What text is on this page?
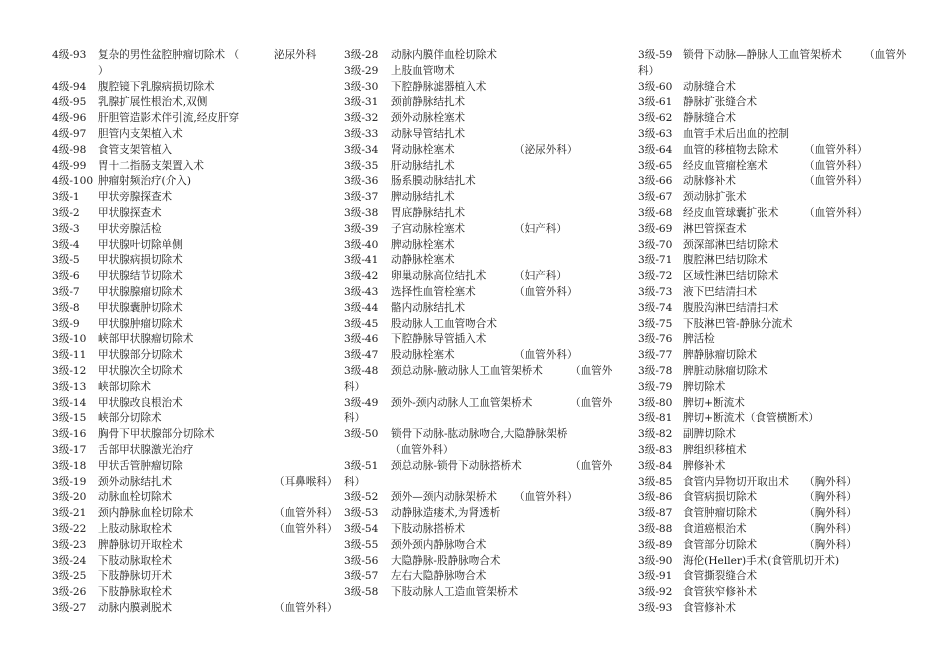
4级-93 复杂的男性盆腔肿瘤切除术 （	泌尿外科
）
4级-94 腹腔镜下乳腺病损切除术
4级-95 乳腺扩展性根治术,双侧
4级-96 肝胆管造影术伴引流,经皮肝穿
4级-97 胆管内支架植入术
4级-98 食管支架管植入
4级-99 胃十二指肠支架置入术
4级-100 肿瘤射频治疗(介入)
3级-1 甲状旁腺探查术
3级-2 甲状腺探查术
3级-3 甲状旁腺活检
3级-4 甲状腺叶切除单侧
3级-5 甲状腺病损切除术
3级-6 甲状腺结节切除术
3级-7 甲状腺腺瘤切除术
3级-8 甲状腺囊肿切除术
3级-9 甲状腺肿瘤切除术
3级-10 峡部甲状腺瘤切除术
3级-11 甲状腺部分切除术
3级-12 甲状腺次全切除术
3级-13 峡部切除术
3级-14 甲状腺改良根治术
3级-15 峡部分切除术
3级-16 胸骨下甲状腺部分切除术
3级-17 舌部甲状腺激光治疗
3级-18 甲状舌管肿瘤切除
3级-19 颈外动脉结扎术	（耳鼻喉科）
3级-20 动脉血栓切除术
3级-21 颈内静脉血栓切除术	（血管外科）
3级-22 上肢动脉取栓术	（血管外科）
3级-23 脾静脉切开取栓术
3级-24 下肢动脉取栓术
3级-25 下肢静脉切开术
3级-26 下肢静脉取栓术
3级-27 动脉内膜剥脱术	（血管外科）
3级-28 动脉内膜伴血栓切除术
3级-29 上肢血管吻术
3级-30 下腔静脉滤器植入术
3级-31 颈前静脉结扎术
3级-32 颈外动脉栓塞术
3级-33 动脉导管结扎术
3级-34 肾动脉栓塞术	（泌尿外科）
3级-35 肝动脉结扎术
3级-36 肠系膜动脉结扎术
3级-37 脾动脉结扎术
3级-38 胃底静脉结扎术
3级-39 子宫动脉栓塞术	（妇产科）
3级-40 脾动脉栓塞术
3级-41 动静脉栓塞术
3级-42 卵巢动脉高位结扎术	（妇产科）
3级-43 选择性血管栓塞术	（血管外科）
3级-44 骼内动脉结扎术
3级-45 股动脉人工血管吻合术
3级-46 下腔静脉导管插入术
3级-47 股动脉栓塞术	（血管外科）
3级-48 颈总动脉-腋动脉人工血管架桥术	（血管外
科）
3级-49 颈外-颈内动脉人工血管架桥术	（血管外
科）
3级-50 锁骨下动脉-肱动脉吻合,大隐静脉架桥
（血管外科）
3级-51 颈总动脉-锁骨下动脉搭桥术	（血管外
科）
3级-52 颈外—颈内动脉架桥术 （血管外科）
3级-53 动静脉造瘘术,为肾透析
3级-54 下肢动脉搭桥术
3级-55 颈外颈内静脉吻合术
3级-56 大隐静脉-股静脉吻合术
3级-57 左右大隐静脉吻合术
3级-58 下肢动脉人工造血管架桥术
3级-59 锁骨下动脉—静脉人工血管架桥术 （血管外
科）
3级-60 动脉缝合术
3级-61 静脉扩张缝合术
3级-62 静脉缝合术
3级-63 血管手术后出血的控制
3级-64 血管的移植物去除术 （血管外科）
3级-65 经皮血管瘤栓塞术	（血管外科）
3级-66 动脉修补术	（血管外科）
3级-67 颈动脉扩张术
3级-68 经皮血管球囊扩张术 （血管外科）
3级-69 淋巴管探查术
3级-70 颈深部淋巴结切除术
3级-71 腹腔淋巴结切除术
3级-72 区域性淋巴结切除术
3级-73 液下巴结清扫术
3级-74 腹股沟淋巴结清扫术
3级-75 下肢淋巴管-静脉分流术
3级-76 脾活检
3级-77 脾静脉瘤切除术
3级-78 脾脏动脉瘤切除术
3级-79 脾切除术
3级-80 脾切+断流术
3级-81 脾切+断流术（食管横断术）
3级-82 副脾切除术
3级-83 脾组织移植术
3级-84 脾修补术
3级-85 食管内异物切开取出术 （胸外科）
3级-86 食管病损切除术	（胸外科）
3级-87 食管肿瘤切除术	（胸外科）
3级-88 食道癌根治术	（胸外科）
3级-89 食管部分切除术	（胸外科）
3级-90 海伦(Heller)手术(食管肌切开术)
3级-91 食管撕裂缝合术
3级-92 食管狭窄修补术
3级-93 食管修补术
